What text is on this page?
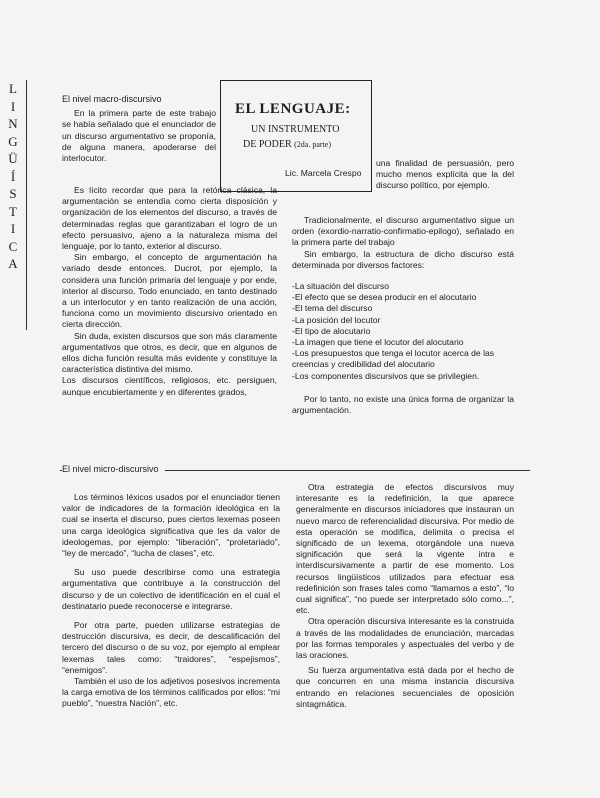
L
I
N
G
Ü
Í
S
T
I
C
A
EL LENGUAJE:
UN INSTRUMENTO
DE PODER (2da. parte)
Lic. Marcela Crespo

El nivel macro-discursivo

En la primera parte de este trabajo se había señalado que el enunciador de un discurso argumentativo se proponía, de alguna manera, apoderarse del interlocutor.

Es lícito recordar que para la retórica clásica, la argumentación se entendía como cierta disposición y organización de los elementos del discurso, a través de determinadas reglas que garantizaban el logro de un efecto persuasivo, ajeno a la naturaleza misma del lenguaje, por lo tanto, exterior al discurso.

Sin embargo, el concepto de argumentación ha variado desde entonces. Ducrot, por ejemplo, la considera una función primaria del lenguaje y por ende, interior al discurso. Todo enunciado, en tanto destinado a un interlocutor y en tanto realización de una acción, funciona como un movimiento discursivo orientado en cierta dirección.

Sin duda, existen discursos que son más claramente argumentativos que otros, es decir, que en algunos de ellos dicha función resulta más evidente y constituye la característica distintiva del mismo.

Los discursos científicos, religiosos, etc. persiguen, aunque encubiertamente y en diferentes grados,

una finalidad de persuasión, pero mucho menos explícita que la del discurso político, por ejemplo.

Tradicionalmente, el discurso argumentativo sigue un orden (exordio-narratio-confirmatio-epilogo), señalado en la primera parte del trabajo

Sin embargo, la estructura de dicho discurso está determinada por diversos factores:

-La situación del discurso

-El efecto que se desea producir en el alocutario

-El tema del discurso

-La posición del locutor

-El tipo de alocutario

-La imagen que tiene el locutor del alocutario

-Los presupuestos que tenga el locutor acerca de las creencias y credibilidad del alocutario

-Los componentes discursivos que se privilegien.

Por lo tanto, no existe una única forma de organizar la argumentación.

El nivel micro-discursivo

Los términos léxicos usados por el enunciador tienen valor de indicadores de la formación ideológica en la cual se inserta el discurso, pues ciertos lexemas poseen una carga ideológica significativa que les da valor de ideologemas, por ejemplo: “liberación”, “proletariado”, “ley de mercado”, “lucha de clases”, etc.

Su uso puede describirse como una estrategia argumentativa que contribuye a la construcción del discurso y de un colectivo de identificación en el cual el destinatario puede reconocerse e integrarse.

Por otra parte, pueden utilizarse estrategias de destrucción discursiva, es decir, de descalificación del tercero del discurso o de su voz, por ejemplo al emplear lexemas tales como: “traidores”, “espejismos”, “enemigos”.

También el uso de los adjetivos posesivos incrementa la carga emotiva de los términos calificados por ellos: “mi pueblo”, “nuestra Nación”, etc.

Otra estrategia de efectos discursivos muy interesante es la redefinición, la que aparece generalmente en discursos iniciadores que instauran un nuevo marco de referencialidad discursiva. Por medio de esta operación se modifica, delimita o precisa el significado de un lexema, otorgándole una nueva significación que será la vigente intra e interdiscursivamente a partir de ese momento. Los recursos lingüísticos utilizados para efectuar esa redefinición son frases tales como “llamamos a esto”, “lo cual significa”, “no puede ser interpretado sólo como...”, etc.

Otra operación discursiva interesante es la construida a través de las modalidades de enunciación, marcadas por las formas temporales y aspectuales del verbo y de las oraciones.

Su fuerza argumentativa está dada por el hecho de que concurren en una misma instancia discursiva entrando en relaciones secuenciales de oposición sintagmática.
